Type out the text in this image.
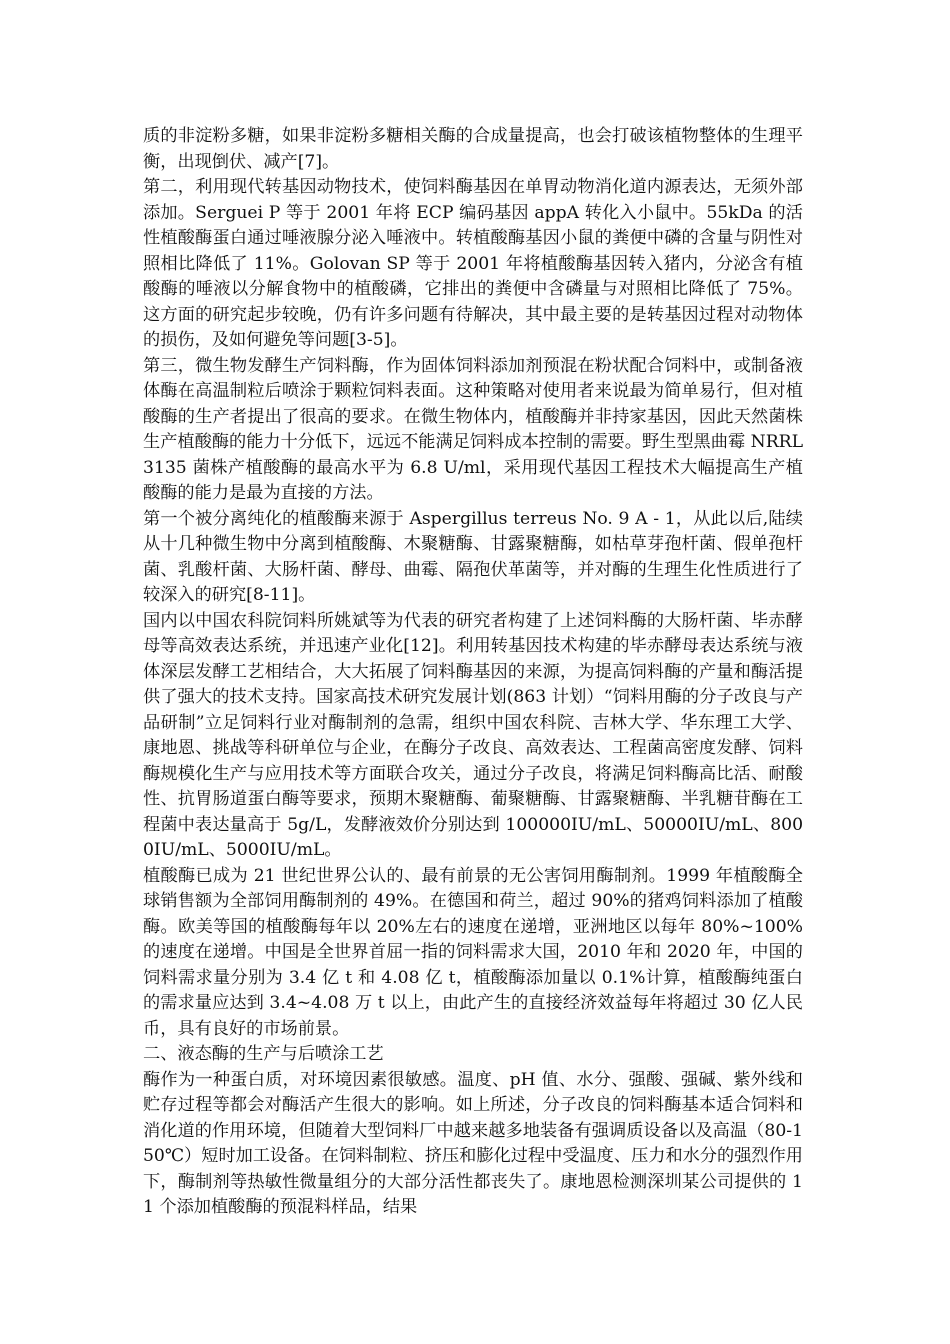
质的非淀粉多糖，如果非淀粉多糖相关酶的合成量提高，也会打破该植物整体的生理平衡，出现倒伏、减产[7]。

第二，利用现代转基因动物技术，使饲料酶基因在单胃动物消化道内源表达，无须外部添加。Serguei P 等于 2001 年将 ECP 编码基因 appA 转化入小鼠中。55kDa 的活性植酸酶蛋白通过唾液腺分泌入唾液中。转植酸酶基因小鼠的粪便中磷的含量与阴性对照相比降低了 11%。Golovan SP 等于 2001 年将植酸酶基因转入猪内，分泌含有植酸酶的唾液以分解食物中的植酸磷，它排出的粪便中含磷量与对照相比降低了 75%。这方面的研究起步较晚，仍有许多问题有待解决，其中最主要的是转基因过程对动物体的损伤，及如何避免等问题[3-5]。

第三，微生物发酵生产饲料酶，作为固体饲料添加剂预混在粉状配合饲料中，或制备液体酶在高温制粒后喷涂于颗粒饲料表面。这种策略对使用者来说最为简单易行，但对植酸酶的生产者提出了很高的要求。在微生物体内，植酸酶并非持家基因，因此天然菌株生产植酸酶的能力十分低下，远远不能满足饲料成本控制的需要。野生型黑曲霉 NRRL3135 菌株产植酸酶的最高水平为 6.8 U/ml，采用现代基因工程技术大幅提高生产植酸酶的能力是最为直接的方法。

第一个被分离纯化的植酸酶来源于 Aspergillus terreus No. 9 A - 1，从此以后,陆续从十几种微生物中分离到植酸酶、木聚糖酶、甘露聚糖酶，如枯草芽孢杆菌、假单孢杆菌、乳酸杆菌、大肠杆菌、酵母、曲霉、隔孢伏革菌等，并对酶的生理生化性质进行了较深入的研究[8-11]。

国内以中国农科院饲料所姚斌等为代表的研究者构建了上述饲料酶的大肠杆菌、毕赤酵母等高效表达系统，并迅速产业化[12]。利用转基因技术构建的毕赤酵母表达系统与液体深层发酵工艺相结合，大大拓展了饲料酶基因的来源，为提高饲料酶的产量和酶活提供了强大的技术支持。国家高技术研究发展计划(863 计划）“饲料用酶的分子改良与产品研制”立足饲料行业对酶制剂的急需，组织中国农科院、吉林大学、华东理工大学、康地恩、挑战等科研单位与企业，在酶分子改良、高效表达、工程菌高密度发酵、饲料酶规模化生产与应用技术等方面联合攻关，通过分子改良，将满足饲料酶高比活、耐酸性、抗胃肠道蛋白酶等要求，预期木聚糖酶、葡聚糖酶、甘露聚糖酶、半乳糖苷酶在工程菌中表达量高于 5g/L，发酵液效价分别达到 100000IU/mL、50000IU/mL、8000IU/mL、5000IU/mL。

植酸酶已成为 21 世纪世界公认的、最有前景的无公害饲用酶制剂。1999 年植酸酶全球销售额为全部饲用酶制剂的 49%。在德国和荷兰，超过 90%的猪鸡饲料添加了植酸酶。欧美等国的植酸酶每年以 20%左右的速度在递增，亚洲地区以每年 80%~100%的速度在递增。中国是全世界首屈一指的饲料需求大国，2010 年和 2020 年，中国的饲料需求量分别为 3.4 亿 t 和 4.08 亿 t，植酸酶添加量以 0.1%计算，植酸酶纯蛋白的需求量应达到 3.4~4.08 万 t 以上，由此产生的直接经济效益每年将超过 30 亿人民币，具有良好的市场前景。

二、液态酶的生产与后喷涂工艺

酶作为一种蛋白质，对环境因素很敏感。温度、pH 值、水分、强酸、强碱、紫外线和贮存过程等都会对酶活产生很大的影响。如上所述，分子改良的饲料酶基本适合饲料和消化道的作用环境，但随着大型饲料厂中越来越多地装备有强调质设备以及高温（80-150℃）短时加工设备。在饲料制粒、挤压和膨化过程中受温度、压力和水分的强烈作用下，酶制剂等热敏性微量组分的大部分活性都丧失了。康地恩检测深圳某公司提供的 11 个添加植酸酶的预混料样品，结果
